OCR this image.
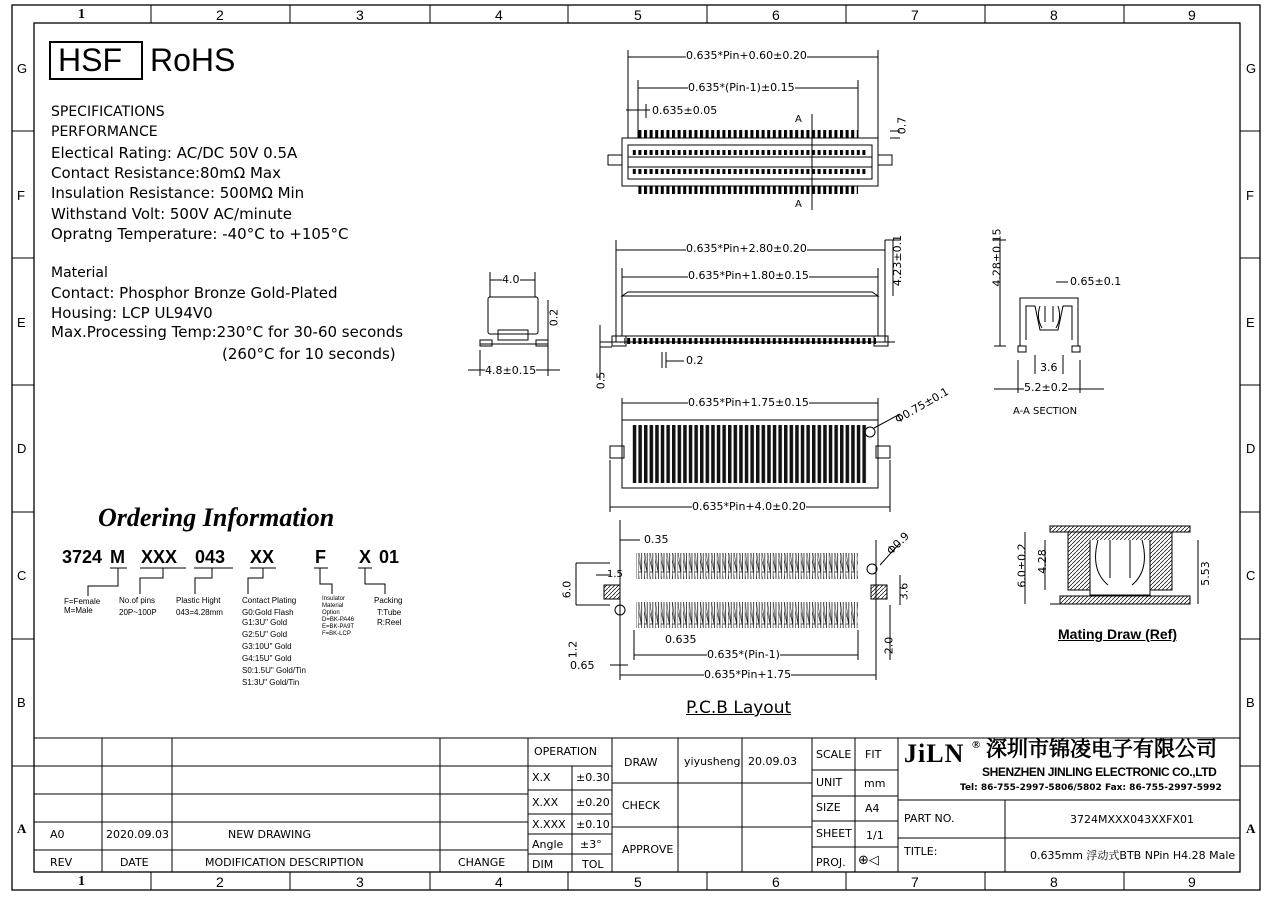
1	2	3	4	5	6	7	8	9
1	2	3	4	5	6	7	8	9
G
F
E
D
C
B
A
G
F
E
D
C
B
A
HSF RoHS
SPECIFICATIONS
PERFORMANCE
Electical Rating: AC/DC 50V 0.5A
Contact Resistance:80mΩ Max
Insulation Resistance: 500MΩ Min
Withstand Volt: 500V AC/minute
Opratng Temperature: -40°C to +105°C
Material
Contact: Phosphor Bronze Gold-Plated
Housing: LCP UL94V0
Max.Processing Temp:230°C for 30-60 seconds
(260°C for 10 seconds)
Ordering Information
3724 M XXX 043 XX F X 01
F=Female
M=Male
No.of pins
20P~100P
Plastic Hight
043=4.28mm
Contact Plating
G0:Gold Flash
G1:3U" Gold
G2:5U" Gold
G3:10U" Gold
G4:15U" Gold
S0:1.5U" Gold/Tin
S1:3U" Gold/Tin
Insulator
Material
Option
D=BK-PA46
E=BK-PA9T
F=BK-LCP
Packing
T:Tube
R:Reel
0.635*Pin+0.60±0.20
0.635*(Pin-1)±0.15
0.635±0.05
0.7
A
A
0.635*Pin+2.80±0.20
0.635*Pin+1.80±0.15	4.23±0.1
0.2
0.5
4.0
0.2
4.8±0.15
0.635*Pin+1.75±0.15
0.635*Pin+4.0±0.20
Φ0.75±0.1
4.28±0.15	0.65±0.1
3.6
5.2±0.2
A-A SECTION
0.35
1.5
6.0
Φ0.9
3.6
1.2
0.65
0.635
0.635*(Pin-1)
0.635*Pin+1.75
2.0
P.C.B Layout
6.0±0.2 4.28	5.53
Mating Draw (Ref)
A0	2020.09.03	NEW DRAWING
REV	DATE	MODIFICATION DESCRIPTION	CHANGE
OPERATION
X.X ±0.30
X.XX ±0.20
X.XXX ±0.10
Angle ±3°
DIM	TOL
DRAW yiyusheng 20.09.03
CHECK
APPROVE
SCALE FIT
UNIT mm
SIZE A4
SHEET 1/1
PROJ. ⊕◁
JiLN ® 深圳市锦凌电子有限公司
SHENZHEN JINLING ELECTRONIC CO.,LTD
Tel: 86-755-2997-5806/5802 Fax: 86-755-2997-5992
PART NO.	3724MXXX043XXFX01
TITLE:	0.635mm 浮动式BTB NPin H4.28 Male
